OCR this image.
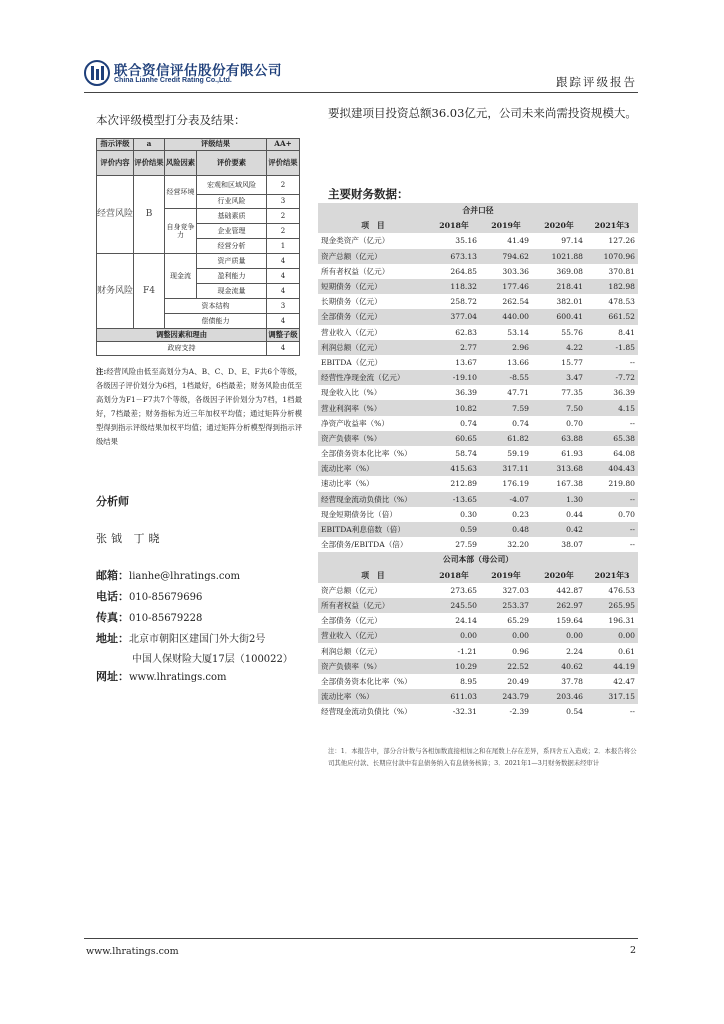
联合资信评估股份有限公司
China Lianhe Credit Rating Co.,Ltd.	跟踪评级报告
本次评级模型打分表及结果：
指示评级	a	评级结果		AA+
评价内容	评价结果	风险因素	评价要素	评价结果
经营风险	B	经营环境	宏观和区域风险	2
			行业风险	3
		自身竞争力	基础素质	2
			企业管理	2
			经营分析	1
财务风险	F4	现金流	资产质量	4
			盈利能力	4
			现金流量	4
		资本结构		3
		偿债能力		4
调整因素和理由				调整子级
政府支持				4
注:经营风险由低至高划分为A、B、C、D、E、F共6个等级，各级因子评价划分为6档，1档最好，6档最差；财务风险由低至高划分为F1－F7共7个等级，各级因子评价划分为7档，1档最好，7档最差；财务指标为近三年加权平均值；通过矩阵分析模型得到指示评级结果加权平均值；通过矩阵分析模型得到指示评级结果
分析师
张钺 丁晓
邮箱：lianhe@lhratings.com
电话：010-85679696
传真：010-85679228
地址：北京市朝阳区建国门外大街2号
中国人保财险大厦17层（100022）
网址：www.lhratings.com
要拟建项目投资总额36.03亿元，公司未来尚需投资规模大。
主要财务数据：
合并口径				
项　目	2018年	2019年	2020年	2021年3
现金类资产（亿元）	35.16	41.49	97.14	127.26
资产总额（亿元）	673.13	794.62	1021.88	1070.96
所有者权益（亿元）	264.85	303.36	369.08	370.81
短期债务（亿元）	118.32	177.46	218.41	182.98
长期债务（亿元）	258.72	262.54	382.01	478.53
全部债务（亿元）	377.04	440.00	600.41	661.52
营业收入（亿元）	62.83	53.14	55.76	8.41
利润总额（亿元）	2.77	2.96	4.22	-1.85
EBITDA（亿元）	13.67	13.66	15.77	--
经营性净现金流（亿元）	-19.10	-8.55	3.47	-7.72
现金收入比（%）	36.39	47.71	77.35	36.39
营业利润率（%）	10.82	7.59	7.50	4.15
净资产收益率（%）	0.74	0.74	0.70	--
资产负债率（%）	60.65	61.82	63.88	65.38
全部债务资本化比率（%）	58.74	59.19	61.93	64.08
流动比率（%）	415.63	317.11	313.68	404.43
速动比率（%）	212.89	176.19	167.38	219.80
经营现金流动负债比（%）	-13.65	-4.07	1.30	--
现金短期债务比（倍）	0.30	0.23	0.44	0.70
EBITDA利息倍数（倍）	0.59	0.48	0.42	--
全部债务/EBITDA（倍）	27.59	32.20	38.07	--
公司本部（母公司）				
项　目	2018年	2019年	2020年	2021年3
资产总额（亿元）	273.65	327.03	442.87	476.53
所有者权益（亿元）	245.50	253.37	262.97	265.95
全部债务（亿元）	24.14	65.29	159.64	196.31
营业收入（亿元）	0.00	0.00	0.00	0.00
利润总额（亿元）	-1.21	0.96	2.24	0.61
资产负债率（%）	10.29	22.52	40.62	44.19
全部债务资本化比率（%）	8.95	20.49	37.78	42.47
流动比率（%）	611.03	243.79	203.46	317.15
经营现金流动负债比（%）	-32.31	-2.39	0.54	--
注：1．本报告中，部分合计数与各相加数直接相加之和在尾数上存在差异，系四舍五入造成；2．本报告将公司其他应付款、长期应付款中有息债务纳入有息债务核算；3．2021年1—3月财务数据未经审计
www.lhratings.com	2
